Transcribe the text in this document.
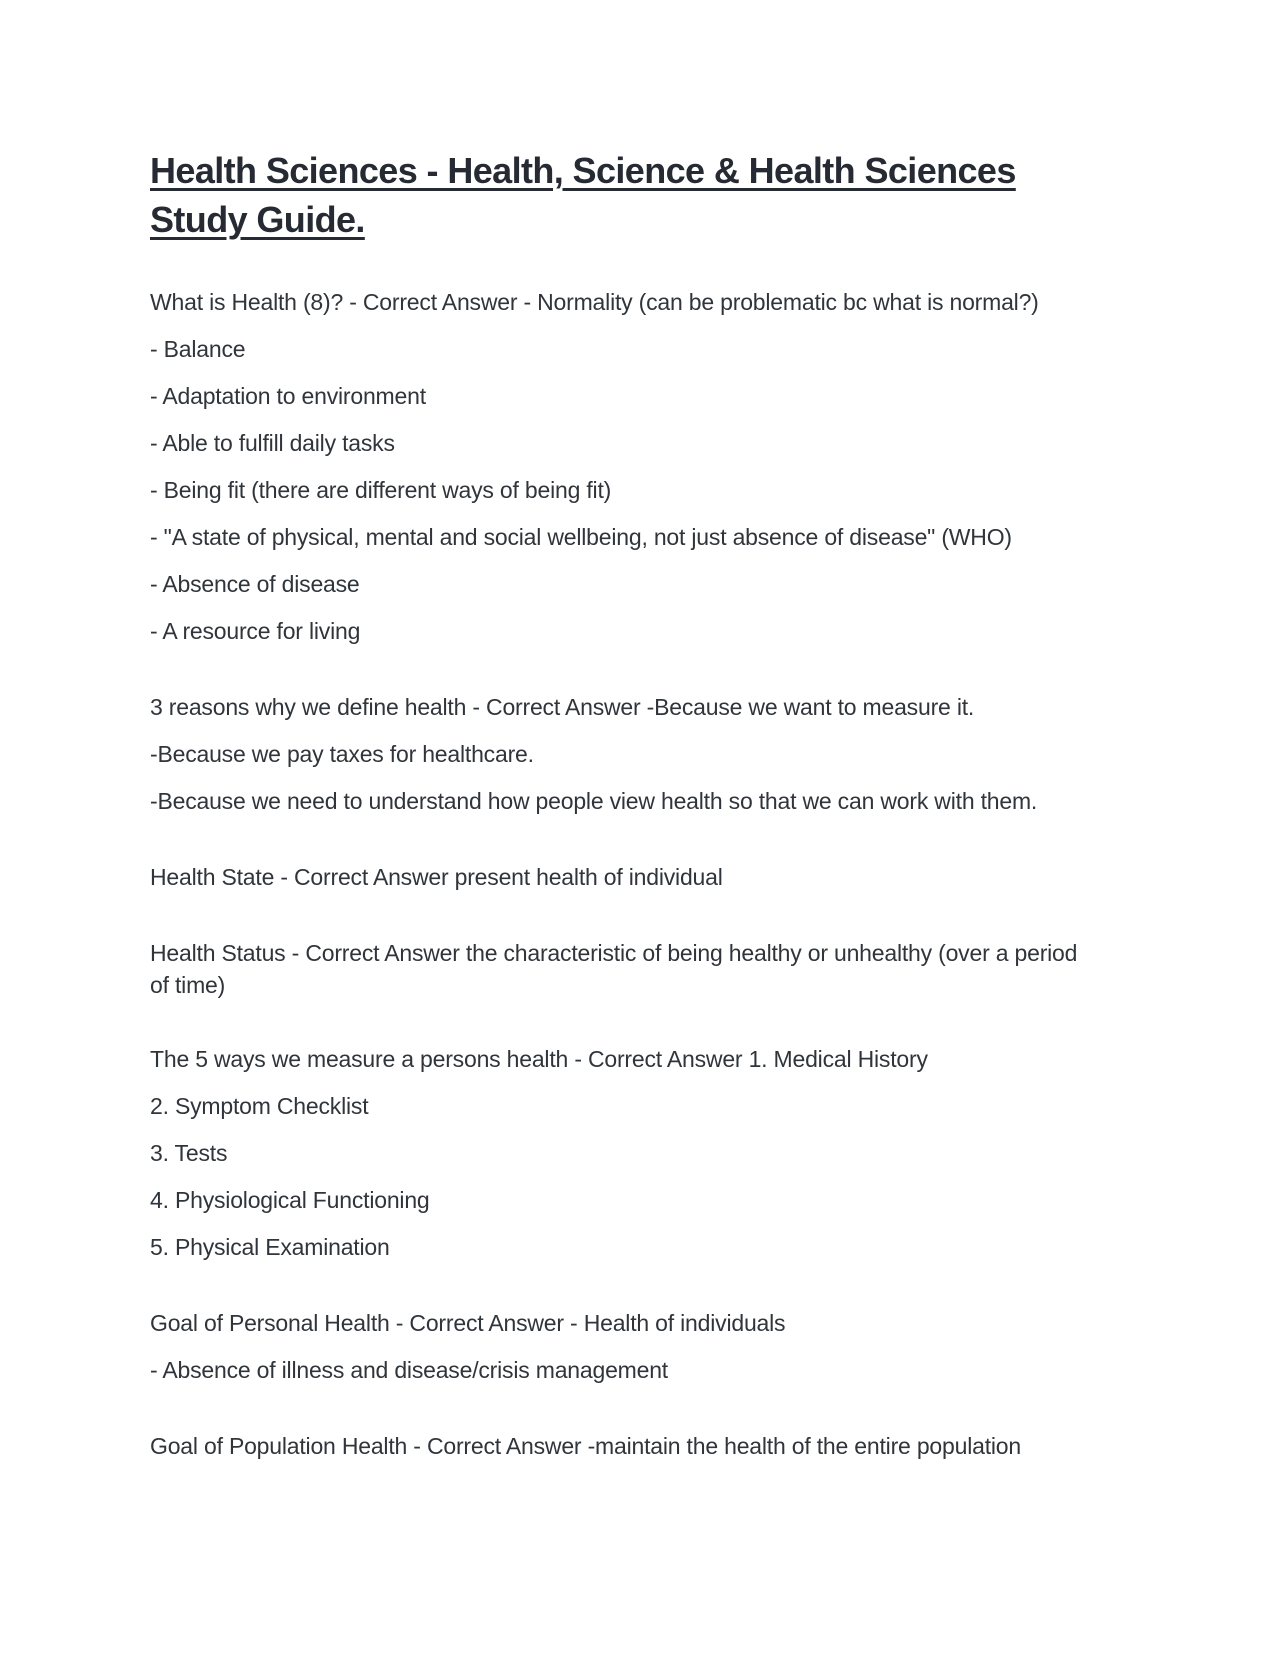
Health Sciences - Health, Science & Health Sciences Study Guide.

What is Health (8)? - Correct Answer - Normality (can be problematic bc what is normal?)

- Balance

- Adaptation to environment

- Able to fulfill daily tasks

- Being fit (there are different ways of being fit)

- "A state of physical, mental and social wellbeing, not just absence of disease" (WHO)

- Absence of disease

- A resource for living

3 reasons why we define health - Correct Answer -Because we want to measure it.

-Because we pay taxes for healthcare.

-Because we need to understand how people view health so that we can work with them.

Health State - Correct Answer present health of individual

Health Status - Correct Answer the characteristic of being healthy or unhealthy (over a period of time)

The 5 ways we measure a persons health - Correct Answer 1. Medical History

2. Symptom Checklist

3. Tests

4. Physiological Functioning

5. Physical Examination

Goal of Personal Health - Correct Answer - Health of individuals

- Absence of illness and disease/crisis management

Goal of Population Health - Correct Answer -maintain the health of the entire population
